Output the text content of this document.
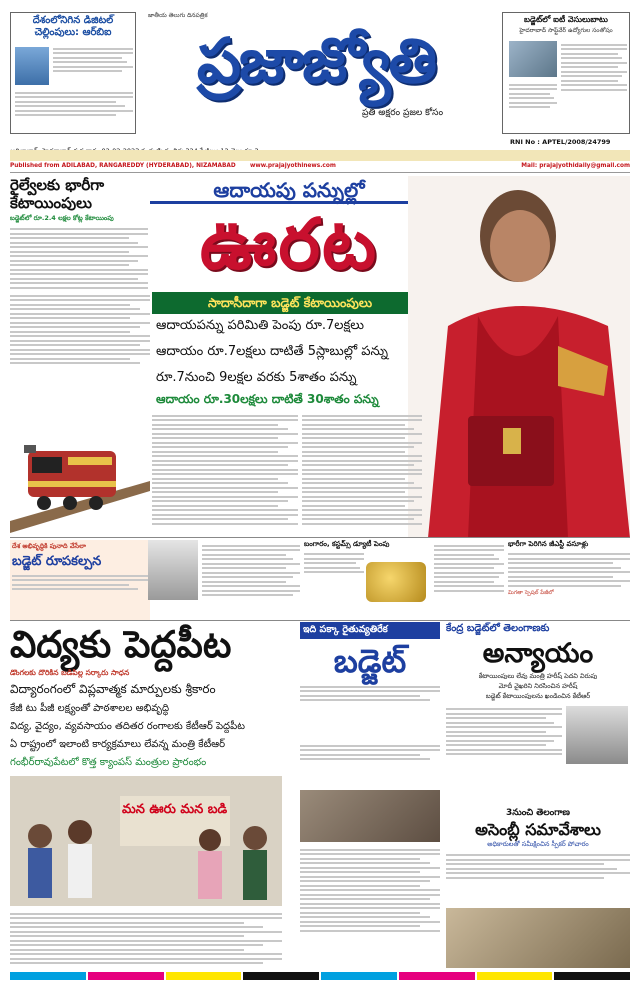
దేశంలోనిగిన డిజిటల్ చెల్లింపులు: ఆర్‌బిఐ
జాతీయ తెలుగు దినపత్రిక
ప్రజాజ్యోతి
ప్రతి అక్షరం ప్రజల కోసం
బడ్జెట్‌లో ఐటీ వెసులుబాటు
హైదరాబాద్ సాఫ్ట్‌వేర్ ఉద్యోగుల సంతోషం
RNI No : APTEL/2008/24799
Published from ADILABAD, RANGAREDDY (HYDERABAD), NIZAMABAD www.prajajyothinews.com	Mail: prajajyothidaily@gmail.com
రైల్వేలకు భారీగా కేటాయింపులు
బడ్జెట్‌లో రూ.2.4 లక్షల కోట్ల కేటాయింపు
ఆదాయపు పన్నుల్లో
ఊరట
సాదాసీదాగా బడ్జెట్ కేటాయింపులు
ఆదాయపన్ను పరిమితి పెంపు రూ.7లక్షలు
ఆదాయం రూ.7లక్షలు దాటితే 5స్లాబుల్లో పన్ను
రూ.7నుంచి 9లక్షల వరకు 5శాతం పన్ను
ఆదాయం రూ.30లక్షలు దాటితే 30శాతం పన్ను
దేశ అభివృద్ధికి పునాది వేసేలా
బడ్జెట్ రూపకల్పన
బంగారం, కస్టమ్స్ డ్యూటీ పెంపు	భారీగా పెరిగిన జీఎస్టీ వసూళ్లు
మిగతా స్పెషల్ పేజీలో
విద్యకు పెద్దపీట
డొంగలకు దొరికిన బడిపిల్ల సర్కారు సాధన
విద్యారంగంలో విప్లవాత్మక మార్పులకు శ్రీకారం
కేజీ టు పీజీ లక్ష్యంతో పాఠశాలల అభివృద్ధి
విద్య, వైద్యం, వ్యవసాయం తదితర రంగాలకు కేటీఆర్ పెద్దపీట
ఏ రాష్ట్రంలో ఇలాంటి కార్యక్రమాలు లేవన్న మంత్రి కేటీఆర్
గంభీర్‌రావుపేటలో కొత్త క్యాంపస్ మంత్రుల ప్రారంభం
మన ఊరు మన బడి
ఇది పక్కా రైతువ్యతిరేక
బడ్జెట్
కేంద్ర బడ్జెట్‌లో తెలంగాణకు
అన్యాయం
కేటాయింపులు లేవు మంత్రి హరీష్ పెదవి విరుపు
మోదీ వైఖరిని నిరసించిన హరీష్
బడ్జెట్ కేటాయింపులను ఖండించిన కేటీఆర్
3నుంచి తెలంగాణ
అసెంబ్లీ సమావేశాలు
అధికారులతో సమీక్షించిన స్పీకర్ పోచారం
